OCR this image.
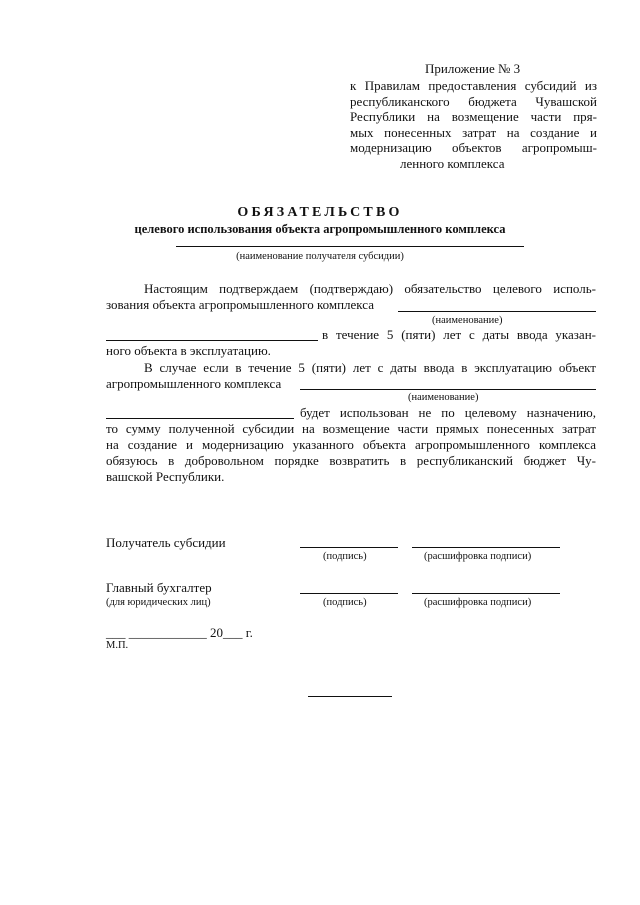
Приложение № 3
к Правилам предоставления субсидий из
республиканского бюджета Чувашской
Республики на возмещение части пря-
мых понесенных затрат на создание и
модернизацию объектов агропромыш-
ленного комплекса
ОБЯЗАТЕЛЬСТВО
целевого использования объекта агропромышленного комплекса
(наименование получателя субсидии)
Настоящим подтверждаем (подтверждаю) обязательство целевого исполь-
зования объекта агропромышленного комплекса
(наименование)
в течение 5 (пяти) лет с даты ввода указан-
ного объекта в эксплуатацию.
В случае если в течение 5 (пяти) лет с даты ввода в эксплуатацию объект
агропромышленного комплекса
(наименование)
будет использован не по целевому назначению,
то сумму полученной субсидии на возмещение части прямых понесенных затрат
на создание и модернизацию указанного объекта агропромышленного комплекса
обязуюсь в добровольном порядке возвратить в республиканский бюджет Чу-
вашской Республики.
Получатель субсидии
(подпись)	(расшифровка подписи)
Главный бухгалтер
(для юридических лиц)	(подпись)	(расшифровка подписи)
___ ____________ 20___ г.
М.П.
